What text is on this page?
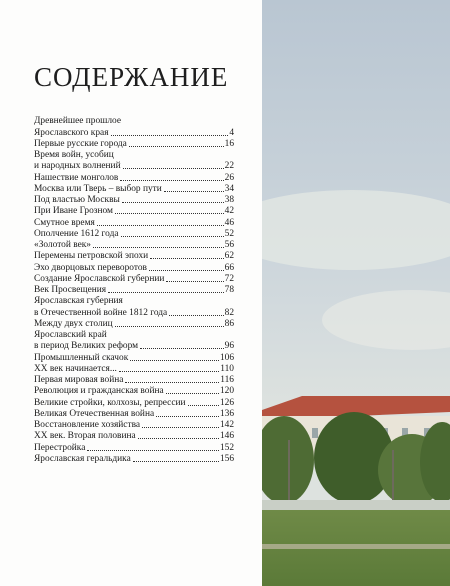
СОДЕРЖАНИЕ
Древнейшее прошлое
Ярославского края	4
Первые русские города	16
Время войн, усобиц
и народных волнений	22
Нашествие монголов	26
Москва или Тверь – выбор пути	34
Под властью Москвы	38
При Иване Грозном	42
Смутное время	46
Ополчение 1612 года	52
«Золотой век»	56
Перемены петровской эпохи	62
Эхо дворцовых переворотов	66
Создание Ярославской губернии	72
Век Просвещения	78
Ярославская губерния
в Отечественной войне 1812 года	82
Между двух столиц	86
Ярославский край
в период Великих реформ	96
Промышленный скачок	106
XX век начинается...	110
Первая мировая война	116
Революция и гражданская война	120
Великие стройки, колхозы, репрессии	126
Великая Отечественная война	136
Восстановление хозяйства	142
XX век. Вторая половина	146
Перестройка	152
Ярославская геральдика	156
